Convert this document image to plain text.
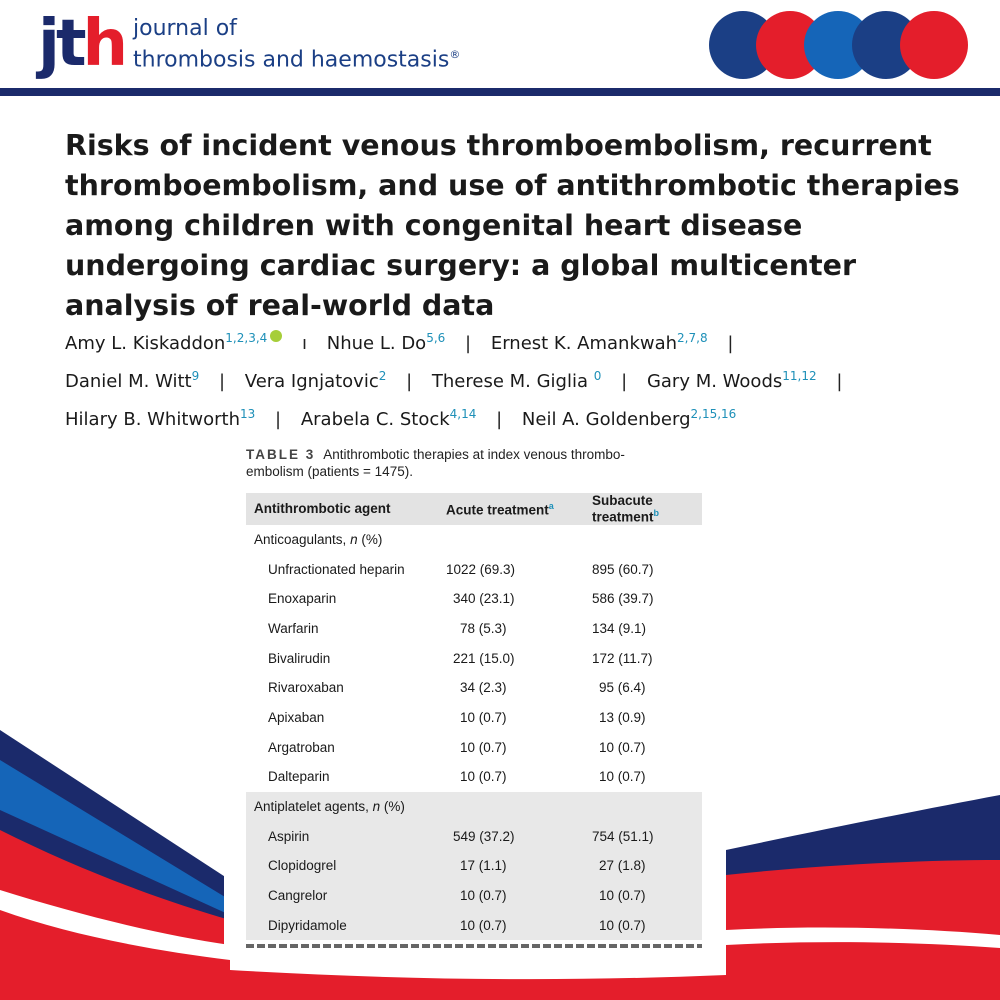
jth journal of
thrombosis and haemostasis®
Risks of incident venous thromboembolism, recurrent thromboembolism, and use of antithrombotic therapies among children with congenital heart disease undergoing cardiac surgery: a global multicenter analysis of real-world data
Amy L. Kiskaddon$^{1,2,3,4}$ ı Nhue L. Do$^{5,6}$ | Ernest K. Amankwah$^{2,7,8}$ |
Daniel M. Witt$^9$ | Vera Ignjatovic$^2$ | Therese M. Giglia $^0$ | Gary M. Woods$^{11,12}$ |
Hilary B. Whitworth$^{13}$ | Arabela C. Stock$^{4,14}$ | Neil A. Goldenberg$^{2,15,16}$
TABLE 3 Antithrombotic therapies at index venous thrombo-
embolism (patients = 1475).
Antithrombotic agent	Acute treatment$^a$	Subacute treatment$^b$
Anticoagulants, n (%)		
Unfractionated heparin	1022 (69.3)	895 (60.7)
Enoxaparin	340 (23.1)	586 (39.7)
Warfarin	78 (5.3)	134 (9.1)
Bivalirudin	221 (15.0)	172 (11.7)
Rivaroxaban	34 (2.3)	95 (6.4)
Apixaban	10 (0.7)	13 (0.9)
Argatroban	10 (0.7)	10 (0.7)
Dalteparin	10 (0.7)	10 (0.7)
Antiplatelet agents, n (%)		
Aspirin	549 (37.2)	754 (51.1)
Clopidogrel	17 (1.1)	27 (1.8)
Cangrelor	10 (0.7)	10 (0.7)
Dipyridamole	10 (0.7)	10 (0.7)
